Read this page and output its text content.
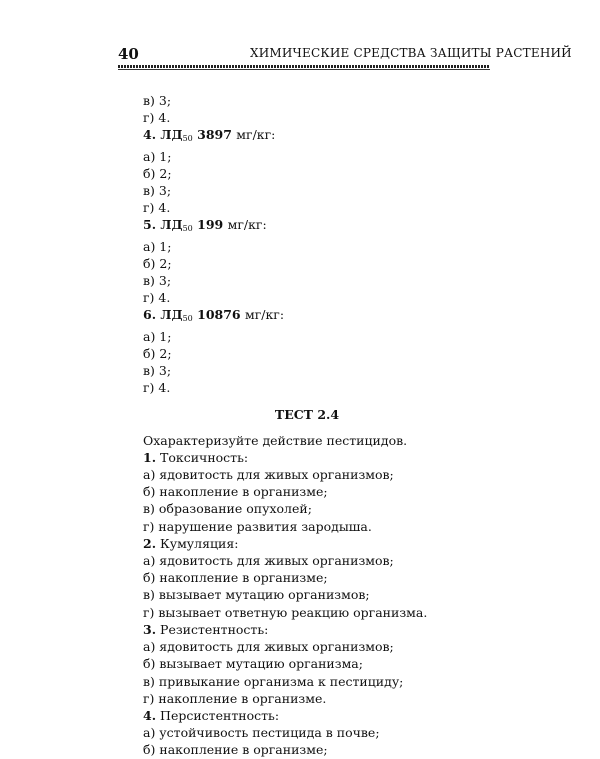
40	ХИМИЧЕСКИЕ СРЕДСТВА ЗАЩИТЫ РАСТЕНИЙ

в) 3;

г) 4.

4. $ЛД_{50}$ 3897 мг/кг:

а) 1;

б) 2;

в) 3;

г) 4.

5. $ЛД_{50}$ 199 мг/кг:

а) 1;

б) 2;

в) 3;

г) 4.

6. $ЛД_{50}$ 10876 мг/кг:

а) 1;

б) 2;

в) 3;

г) 4.

ТЕСТ 2.4

Охарактеризуйте действие пестицидов.

1. Токсичность:

а) ядовитость для живых организмов;

б) накопление в организме;

в) образование опухолей;

г) нарушение развития зародыша.

2. Кумуляция:

а) ядовитость для живых организмов;

б) накопление в организме;

в) вызывает мутацию организмов;

г) вызывает ответную реакцию организма.

3. Резистентность:

а) ядовитость для живых организмов;

б) вызывает мутацию организма;

в) привыкание организма к пестициду;

г) накопление в организме.

4. Персистентность:

а) устойчивость пестицида в почве;

б) накопление в организме;
